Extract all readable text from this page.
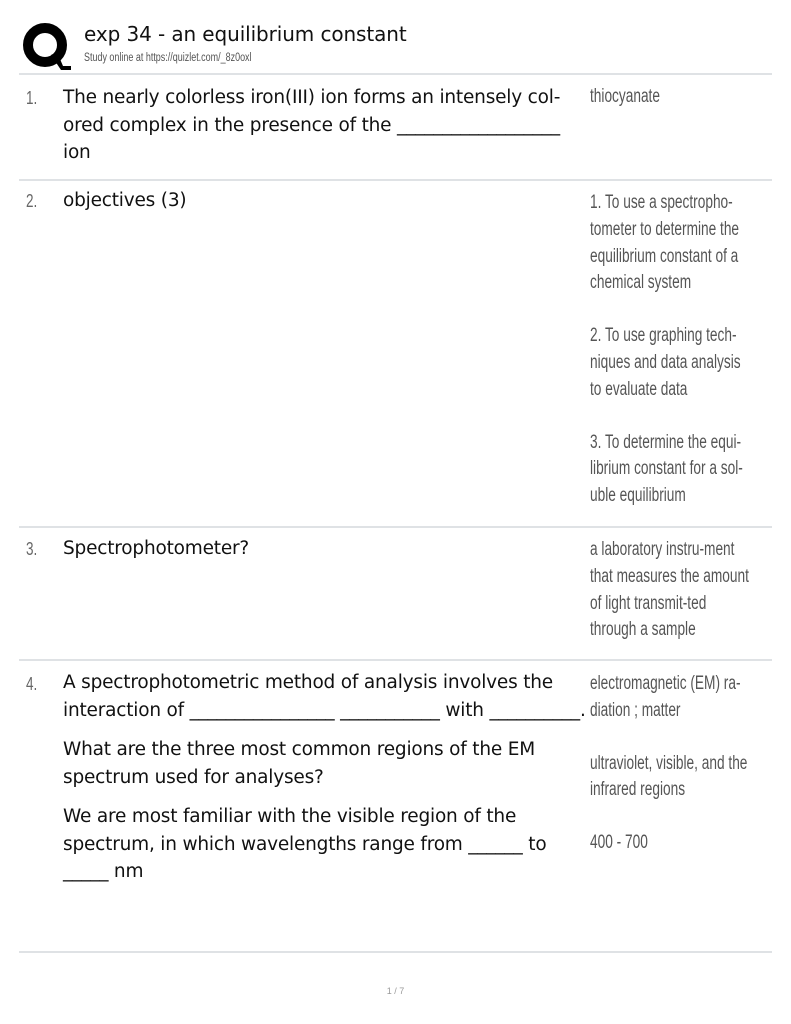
exp 34 - an equilibrium constant
Study online at https://quizlet.com/_8z0oxl
1. The nearly colorless iron(III) ion forms an intensely col-ored complex in the presence of the __________________ ion

thiocyanate

2. objectives (3)	1. To use a spectropho-tometer to determine the equilibrium constant of a chemical system

2. To use graphing tech-niques and data analysis to evaluate data

3. To determine the equi-librium constant for a sol-uble equilibrium

3. Spectrophotometer?	a laboratory instru-ment that measures the amount of light transmit-ted through a sample

4. A spectrophotometric method of analysis involves the interaction of ________________ ___________ with __________.

What are the three most common regions of the EM spectrum used for analyses?

We are most familiar with the visible region of the spectrum, in which wavelengths range from ______ to _____ nm

electromagnetic (EM) ra-diation ; matter

ultraviolet, visible, and the infrared regions

400 - 700

1 / 7
